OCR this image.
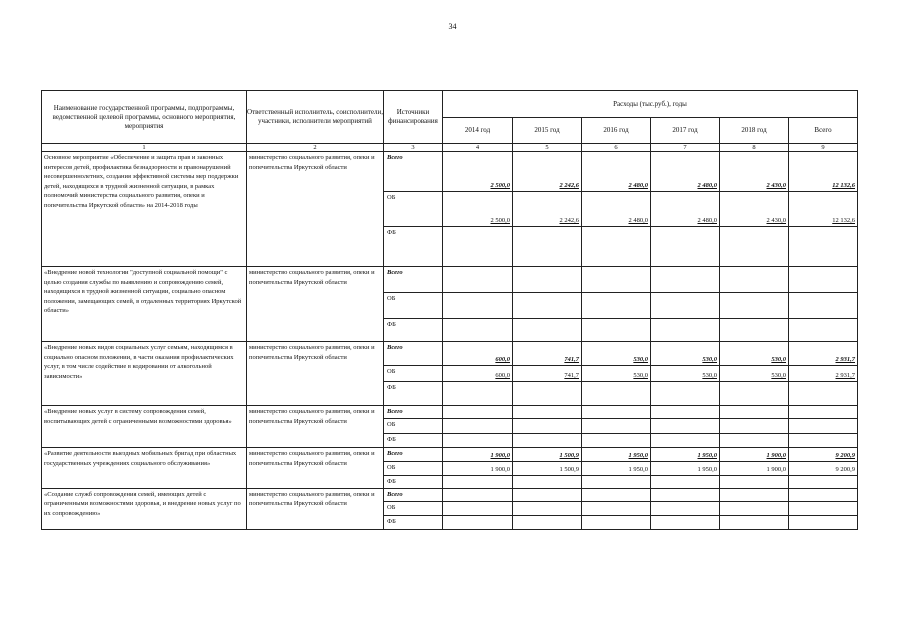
34
Наименование государственной программы, подпрограммы, ведомственной целевой программы, основного мероприятия, мероприятия	Ответственный исполнитель, соисполнители, участники, исполнители мероприятий	Источники финансирования	Расходы (тыс.руб.), годы					
			2014 год	2015 год	2016 год	2017 год	2018 год	Всего
1	2	3	4	5	6	7	8	9
Основное мероприятие «Обеспечение и защита прав и законных интересов детей, профилактика безнадзорности и правонарушений несовершеннолетних, создания эффективной системы мер поддержки детей, находящихся в трудной жизненной ситуации, в рамках полномочий министерства социального развития, опеки и попечительства Иркутской области» на 2014-2018 годы	министерство социального развития, опеки и попечительства Иркутской области	Всего	2 500,0	2 242,6	2 480,0	2 480,0	2 430,0	12 132,6
		ОБ	2 500,0	2 242,6	2 480,0	2 480,0	2 430,0	12 132,6
		ФБ						
«Внедрение новой технологии "доступной социальной помощи" с целью создания службы по выявлению и сопровождению семей, находящихся в трудной жизненной ситуации, социально опасном положении, замещающих семей, в отдаленных территориях Иркутской области»	министерство социального развития, опеки и попечительства Иркутской области	Всего						
		ОБ						
		ФБ						
«Внедрение новых видов социальных услуг семьям, находящимся в социально опасном положении, в части оказания профилактических услуг, в том числе содействие в кодировании от алкогольной зависимости»	министерство социального развития, опеки и попечительства Иркутской области	Всего	600,0	741,7	530,0	530,0	530,0	2 931,7
		ОБ	600,0	741,7	530,0	530,0	530,0	2 931,7
		ФБ						
«Внедрение новых услуг в систему сопровождения семей, воспитывающих детей с ограниченными возможностями здоровья»	министерство социального развития, опеки и попечительства Иркутской области	Всего						
		ОБ						
		ФБ						
«Развитие деятельности выездных мобильных бригад при областных государственных учреждениях социального обслуживания»	министерство социального развития, опеки и попечительства Иркутской области	Всего	1 900,0	1 500,9	1 950,0	1 950,0	1 900,0	9 200,9
		ОБ	1 900,0	1 500,9	1 950,0	1 950,0	1 900,0	9 200,9
		ФБ						
«Создание служб сопровождения семей, имеющих детей с ограниченными возможностями здоровья, и внедрение новых услуг по их сопровождению»	министерство социального развития, опеки и попечительства Иркутской области	Всего						
		ОБ						
		ФБ						
